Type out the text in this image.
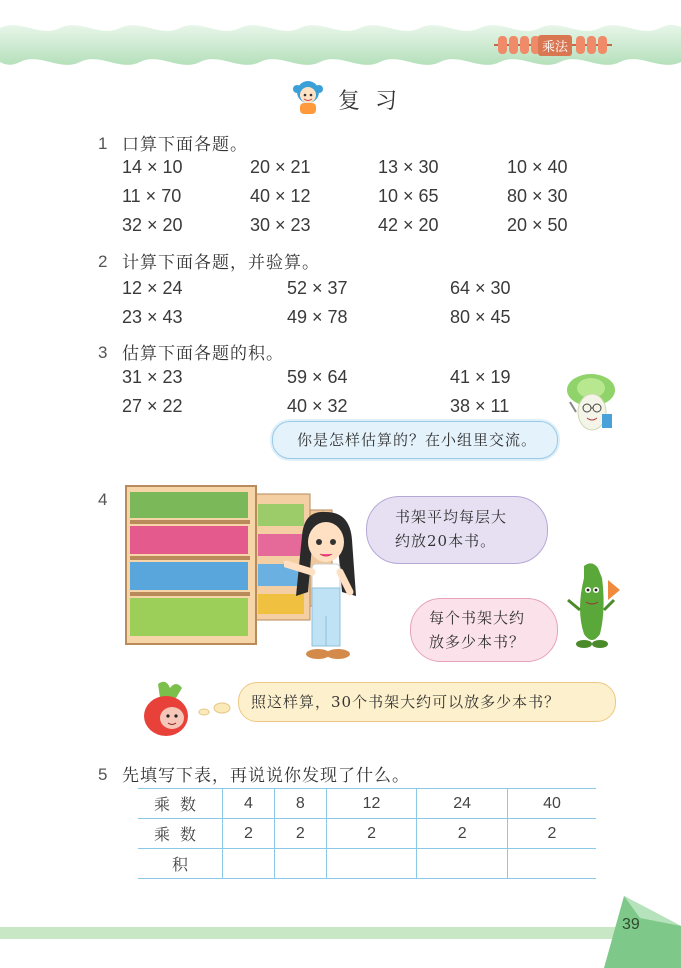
乘法
复 习
1 口算下面各题。
14 × 10	20 × 21	13 × 30	10 × 40
11 × 70	40 × 12	10 × 65	80 × 30
32 × 20	30 × 23	42 × 20	20 × 50
2 计算下面各题，并验算。
12 × 24	52 × 37	64 × 30
23 × 43	49 × 78	80 × 45
3 估算下面各题的积。
31 × 23	59 × 64	41 × 19
27 × 22	40 × 32	38 × 11
你是怎样估算的？在小组里交流。
4
书架平均每层大
约放20本书。
每个书架大约
放多少本书？
照这样算，30个书架大约可以放多少本书？
5 先填写下表，再说说你发现了什么。
乘数	4	8	12	24	40
乘数	2	2	2	2	2
积					
39
